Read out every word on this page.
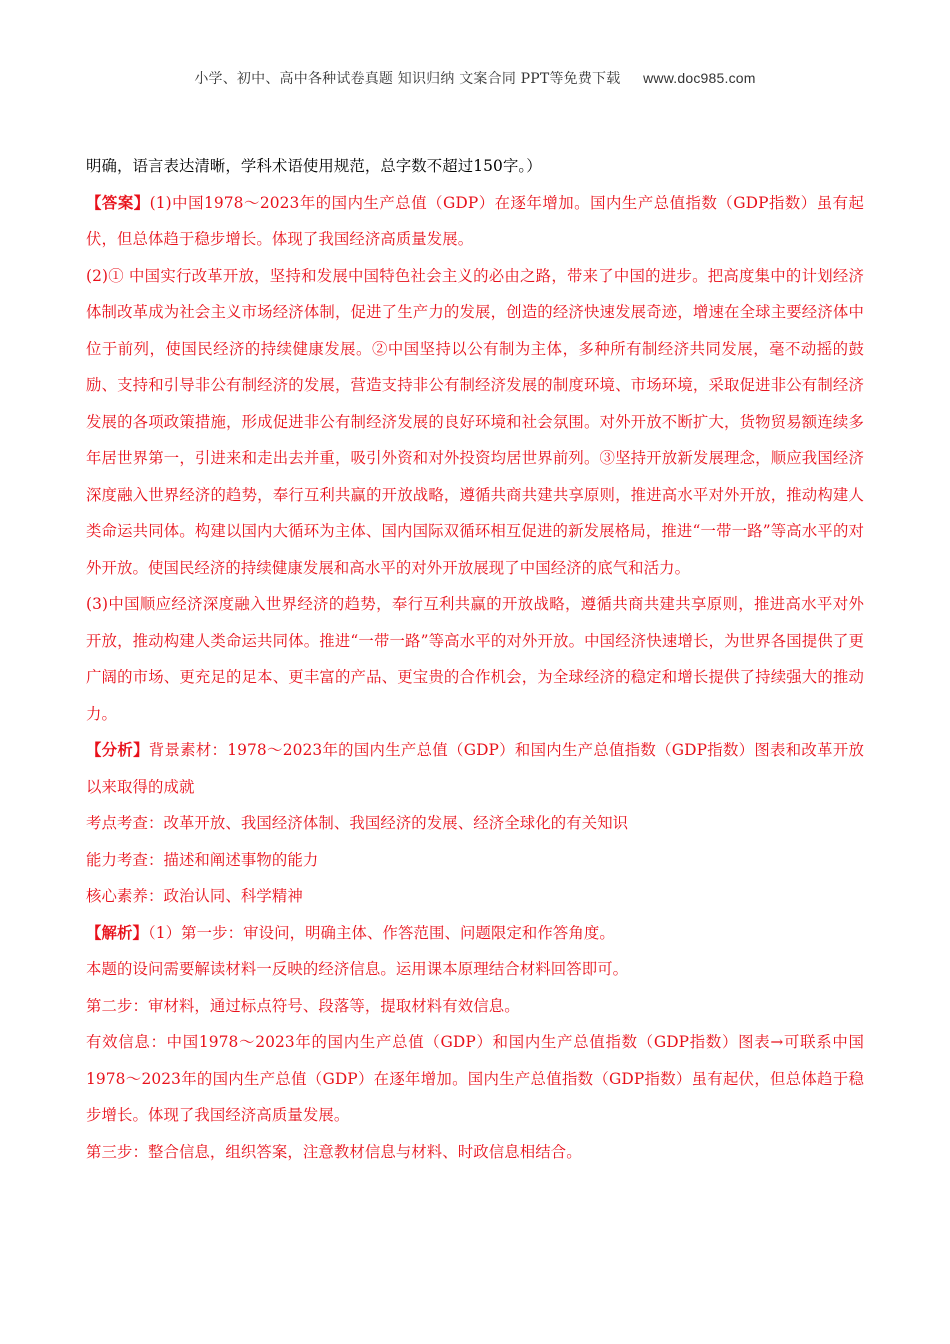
小学、初中、高中各种试卷真题 知识归纳 文案合同 PPT等免费下载 www.doc985.com

明确，语言表达清晰，学科术语使用规范，总字数不超过150字。）

【答案】(1)中国1978～2023年的国内生产总值（GDP）在逐年增加。国内生产总值指数（GDP指数）虽有起伏，但总体趋于稳步增长。体现了我国经济高质量发展。

(2)① 中国实行改革开放，坚持和发展中国特色社会主义的必由之路，带来了中国的进步。把高度集中的计划经济体制改革成为社会主义市场经济体制，促进了生产力的发展，创造的经济快速发展奇迹，增速在全球主要经济体中位于前列，使国民经济的持续健康发展。②中国坚持以公有制为主体，多种所有制经济共同发展，毫不动摇的鼓励、支持和引导非公有制经济的发展，营造支持非公有制经济发展的制度环境、市场环境，采取促进非公有制经济发展的各项政策措施，形成促进非公有制经济发展的良好环境和社会氛围。对外开放不断扩大，货物贸易额连续多年居世界第一，引进来和走出去并重，吸引外资和对外投资均居世界前列。③坚持开放新发展理念，顺应我国经济深度融入世界经济的趋势，奉行互利共赢的开放战略，遵循共商共建共享原则，推进高水平对外开放，推动构建人类命运共同体。构建以国内大循环为主体、国内国际双循环相互促进的新发展格局，推进“一带一路”等高水平的对外开放。使国民经济的持续健康发展和高水平的对外开放展现了中国经济的底气和活力。

(3)中国顺应经济深度融入世界经济的趋势，奉行互利共赢的开放战略，遵循共商共建共享原则，推进高水平对外开放，推动构建人类命运共同体。推进“一带一路”等高水平的对外开放。中国经济快速增长，为世界各国提供了更广阔的市场、更充足的足本、更丰富的产品、更宝贵的合作机会，为全球经济的稳定和增长提供了持续强大的推动力。

【分析】背景素材：1978～2023年的国内生产总值（GDP）和国内生产总值指数（GDP指数）图表和改革开放以来取得的成就

考点考查：改革开放、我国经济体制、我国经济的发展、经济全球化的有关知识

能力考查：描述和阐述事物的能力

核心素养：政治认同、科学精神

【解析】（1）第一步：审设问，明确主体、作答范围、问题限定和作答角度。

本题的设问需要解读材料一反映的经济信息。运用课本原理结合材料回答即可。

第二步：审材料，通过标点符号、段落等，提取材料有效信息。

有效信息：中国1978～2023年的国内生产总值（GDP）和国内生产总值指数（GDP指数）图表→可联系中国1978～2023年的国内生产总值（GDP）在逐年增加。国内生产总值指数（GDP指数）虽有起伏，但总体趋于稳步增长。体现了我国经济高质量发展。

第三步：整合信息，组织答案，注意教材信息与材料、时政信息相结合。
